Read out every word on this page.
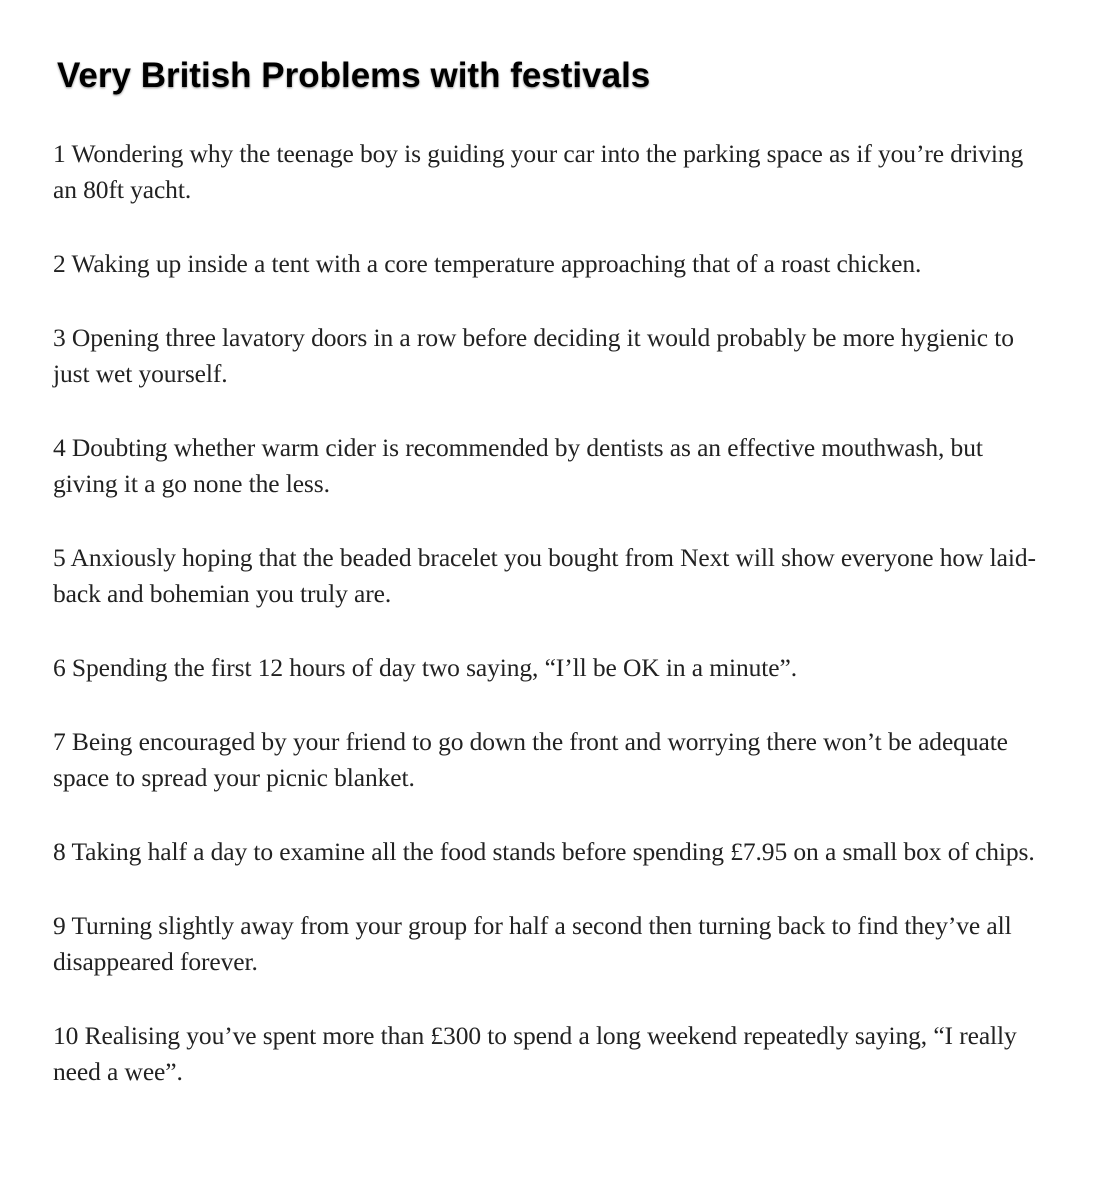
Very British Problems with festivals
1 Wondering why the teenage boy is guiding your car into the parking space as if you’re driving an 80ft yacht.
2 Waking up inside a tent with a core temperature approaching that of a roast chicken.
3 Opening three lavatory doors in a row before deciding it would probably be more hygienic to just wet yourself.
4 Doubting whether warm cider is recommended by dentists as an effective mouthwash, but giving it a go none the less.
5 Anxiously hoping that the beaded bracelet you bought from Next will show everyone how laid-back and bohemian you truly are.
6 Spending the first 12 hours of day two saying, “I’ll be OK in a minute”.
7 Being encouraged by your friend to go down the front and worrying there won’t be adequate space to spread your picnic blanket.
8 Taking half a day to examine all the food stands before spending £7.95 on a small box of chips.
9 Turning slightly away from your group for half a second then turning back to find they’ve all disappeared forever.
10 Realising you’ve spent more than £300 to spend a long weekend repeatedly saying, “I really need a wee”.
